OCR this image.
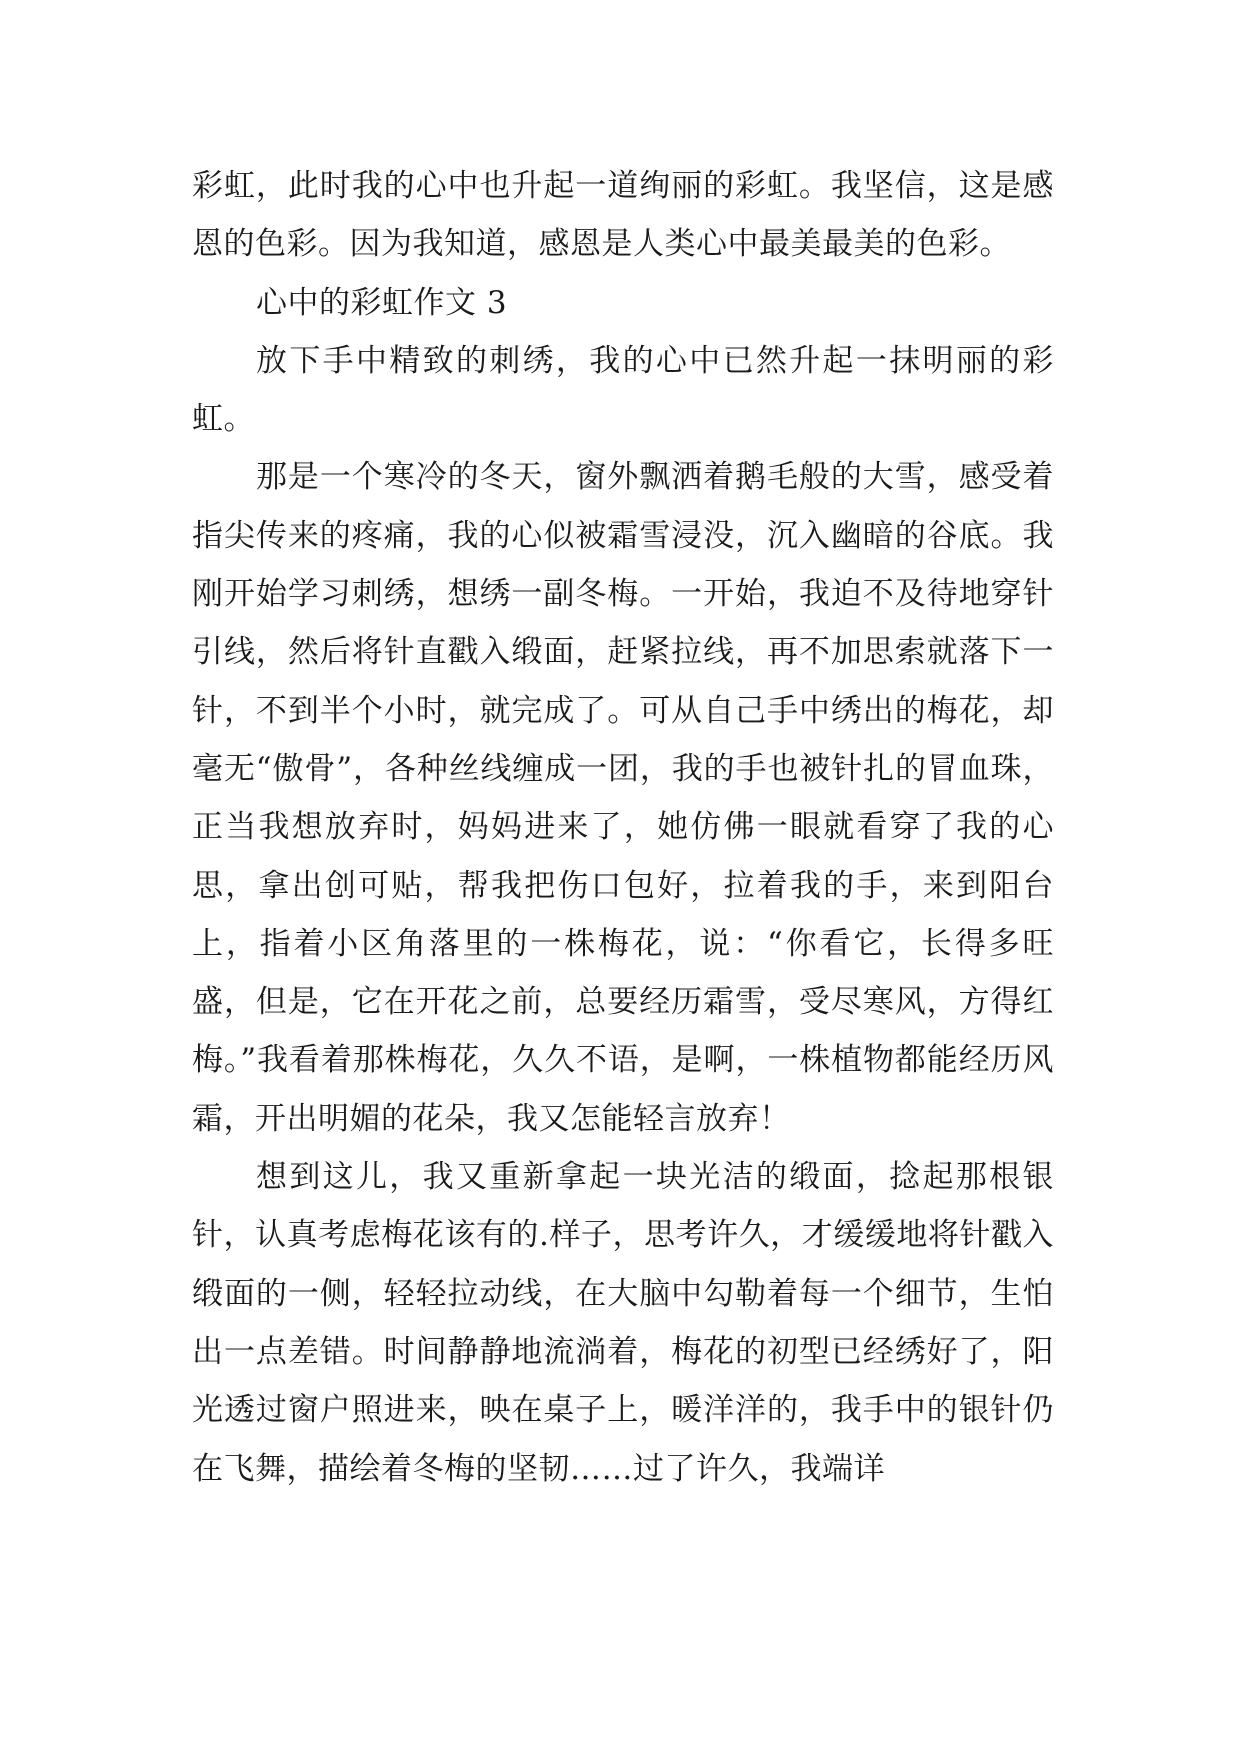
彩虹，此时我的心中也升起一道绚丽的彩虹。我坚信，这是感恩的色彩。因为我知道，感恩是人类心中最美最美的色彩。

心中的彩虹作文 3

放下手中精致的刺绣，我的心中已然升起一抹明丽的彩虹。

那是一个寒冷的冬天，窗外飘洒着鹅毛般的大雪，感受着指尖传来的疼痛，我的心似被霜雪浸没，沉入幽暗的谷底。我刚开始学习刺绣，想绣一副冬梅。一开始，我迫不及待地穿针引线，然后将针直戳入缎面，赶紧拉线，再不加思索就落下一针，不到半个小时，就完成了。可从自己手中绣出的梅花，却毫无“傲骨”，各种丝线缠成一团，我的手也被针扎的冒血珠，正当我想放弃时，妈妈进来了，她仿佛一眼就看穿了我的心思，拿出创可贴，帮我把伤口包好，拉着我的手，来到阳台上，指着小区角落里的一株梅花，说：“你看它，长得多旺盛，但是，它在开花之前，总要经历霜雪，受尽寒风，方得红梅。”我看着那株梅花，久久不语，是啊，一株植物都能经历风霜，开出明媚的花朵，我又怎能轻言放弃！

想到这儿，我又重新拿起一块光洁的缎面，捻起那根银针，认真考虑梅花该有的.样子，思考许久，才缓缓地将针戳入缎面的一侧，轻轻拉动线，在大脑中勾勒着每一个细节，生怕出一点差错。时间静静地流淌着，梅花的初型已经绣好了，阳光透过窗户照进来，映在桌子上，暖洋洋的，我手中的银针仍在飞舞，描绘着冬梅的坚韧……过了许久，我端详
